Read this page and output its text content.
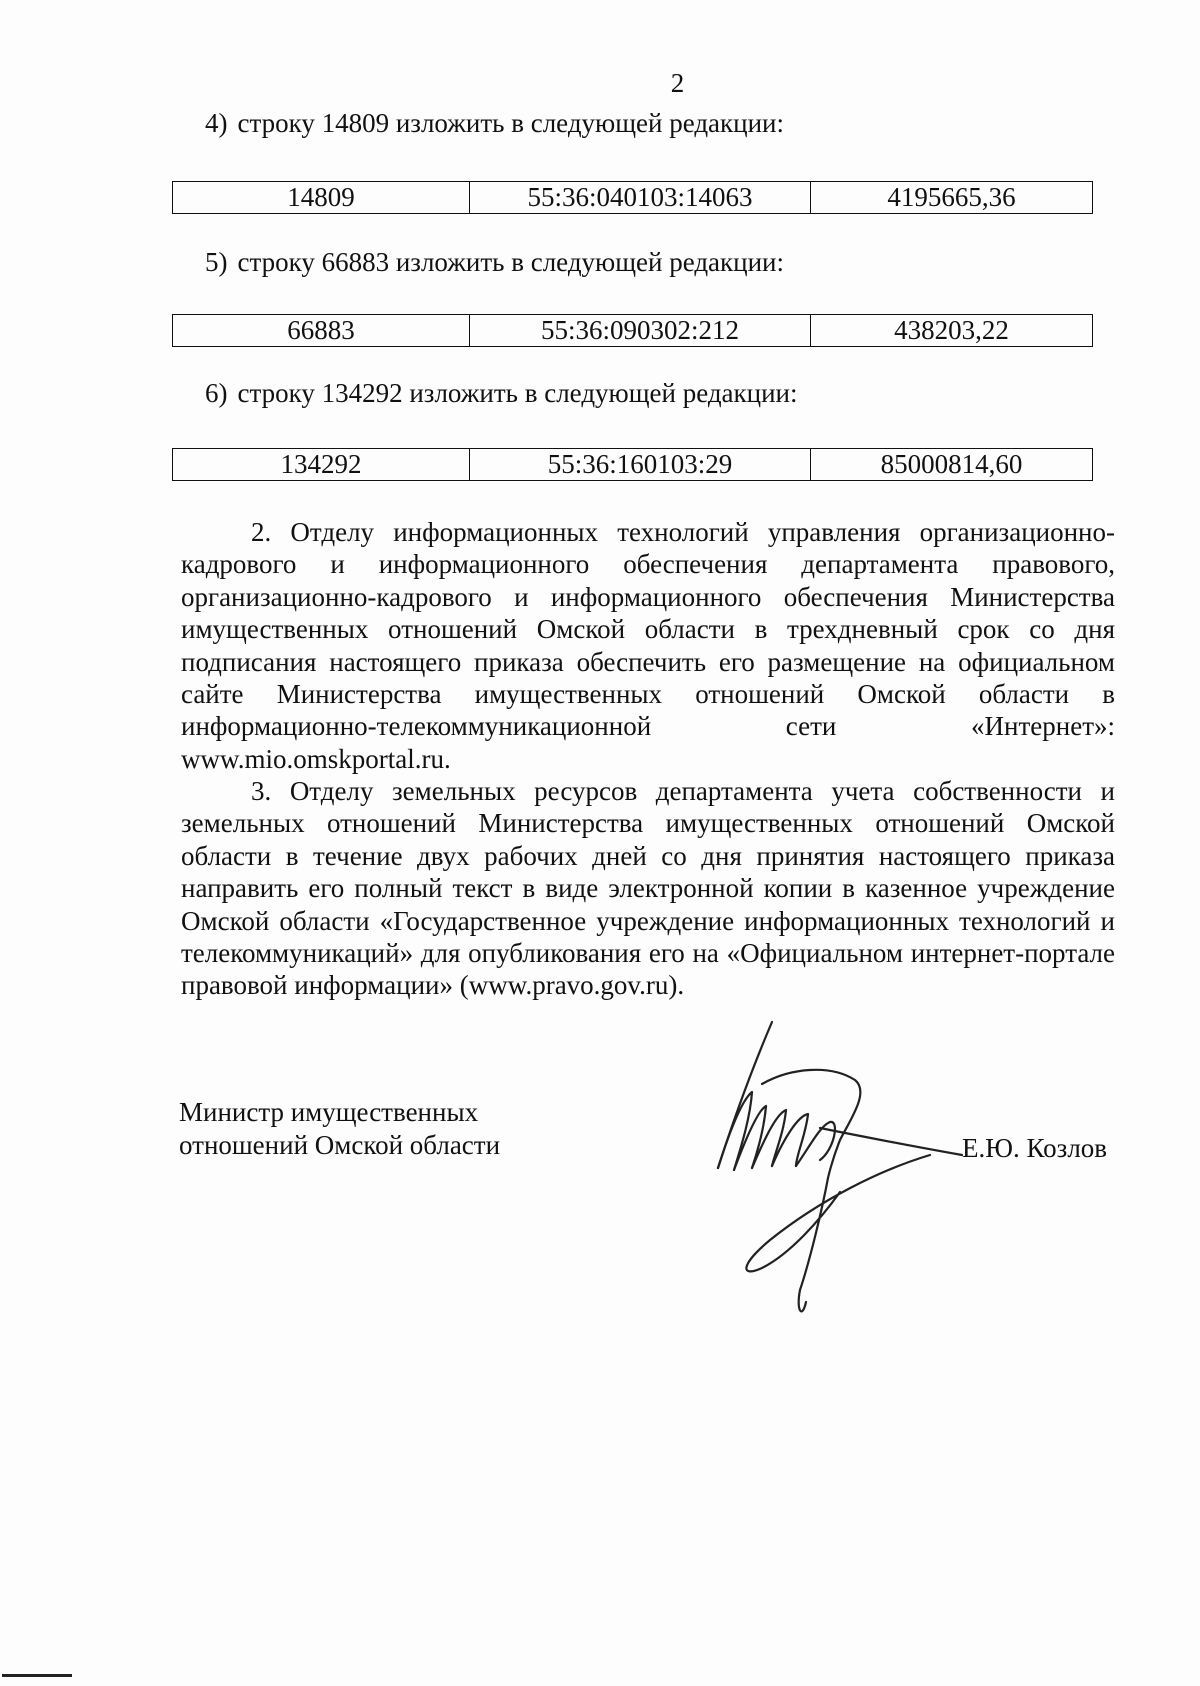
2
4) строку 14809 изложить в следующей редакции:
14809	55:36:040103:14063	4195665,36
5) строку 66883 изложить в следующей редакции:
66883	55:36:090302:212	438203,22
6) строку 134292 изложить в следующей редакции:
134292	55:36:160103:29	85000814,60

2. Отделу информационных технологий управления организационно-кадрового и информационного обеспечения департамента правового, организационно-кадрового и информационного обеспечения Министерства имущественных отношений Омской области в трехдневный срок со дня подписания настоящего приказа обеспечить его размещение на официальном сайте Министерства имущественных отношений Омской области в информационно-телекоммуникационной сети «Интернет»: www.mio.omskportal.ru.

3. Отделу земельных ресурсов департамента учета собственности и земельных отношений Министерства имущественных отношений Омской области в течение двух рабочих дней со дня принятия настоящего приказа направить его полный текст в виде электронной копии в казенное учреждение Омской области «Государственное учреждение информационных технологий и телекоммуникаций» для опубликования его на «Официальном интернет-портале правовой информации» (www.pravo.gov.ru).

Министр имущественных
отношений Омской области	Е.Ю. Козлов
